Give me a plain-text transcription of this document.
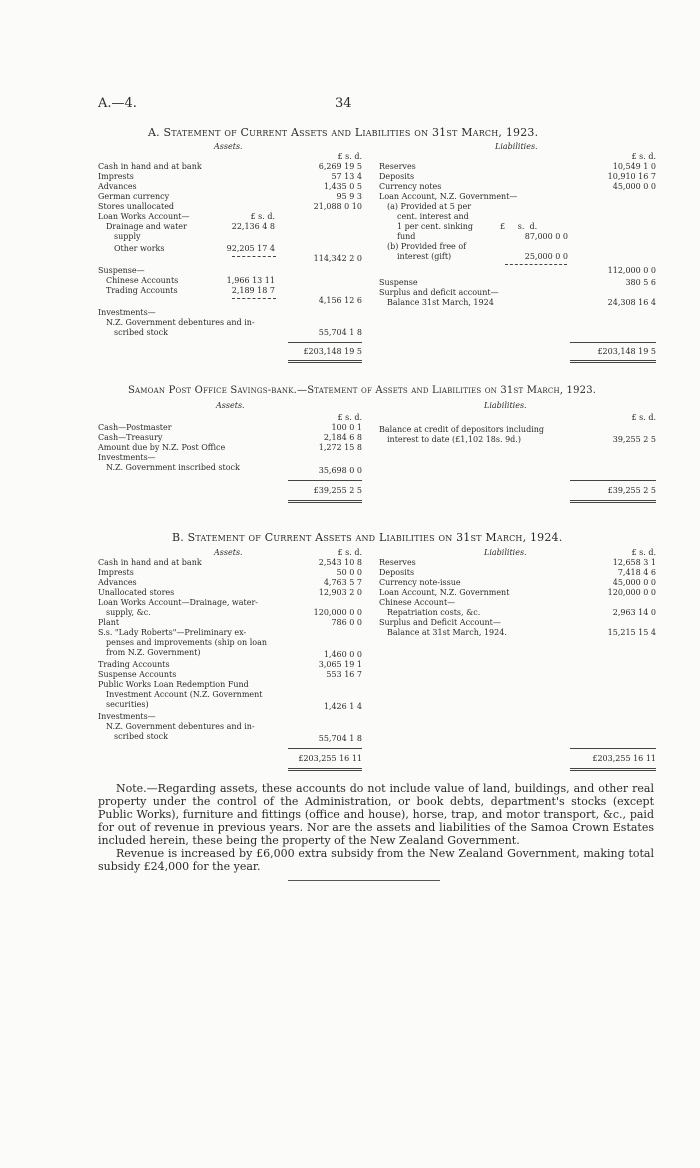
A.—4.	34
A. Statement of Current Assets and Liabilities on 31st March, 1923.
Assets.	Liabilities.
£ s. d.
Cash in hand and at bank	6,269 19 5
Imprests	57 13 4
Advances	1,435 0 5
German currency	95 9 3
Stores unallocated	21,088 0 10
Loan Works Account—	£ s. d.
Drainage and water	22,136 4 8
supply
Other works	92,205 17 4
114,342 2 0
Suspense—
Chinese Accounts	1,966 13 11
Trading Accounts	2,189 18 7
4,156 12 6
Investments—
N.Z. Government debentures and in-
scribed stock	55,704 1 8
£203,148 19 5
£ s. d.
Reserves	10,549 1 0
Deposits	10,910 16 7
Currency notes	45,000 0 0
Loan Account, N.Z. Government—
(a) Provided at 5 per
cent. interest and
1 per cent. sinking	£     s.  d.
fund	87,000 0 0
(b) Provided free of
interest (gift)	25,000 0 0
112,000 0 0
Suspense	380 5 6
Surplus and deficit account—
Balance 31st March, 1924	24,308 16 4
£203,148 19 5
Samoan Post Office Savings-bank.—Statement of Assets and Liabilities on 31st March, 1923.
Assets.	Liabilities.
£ s. d.
Cash—Postmaster	100 0 1
Cash—Treasury	2,184 6 8
Amount due by N.Z. Post Office	1,272 15 8
Investments—
N.Z. Government inscribed stock	35,698 0 0
£39,255 2 5
£ s. d.
Balance at credit of depositors including
interest to date (£1,102 18s. 9d.)	39,255 2 5
£39,255 2 5
B. Statement of Current Assets and Liabilities on 31st March, 1924.
Assets.	Liabilities.
£ s. d.
Cash in hand and at bank	2,543 10 8
Imprests	50 0 0
Advances	4,763 5 7
Unallocated stores	12,903 2 0
Loan Works Account—Drainage, water-
supply, &c.	120,000 0 0
Plant	786 0 0
S.s. "Lady Roberts"—Preliminary ex-
penses and improvements (ship on loan
from N.Z. Government)	1,460 0 0
Trading Accounts	3,065 19 1
Suspense Accounts	553 16 7
Public Works Loan Redemption Fund
Investment Account (N.Z. Government
securities)	1,426 1 4
Investments—
N.Z. Government debentures and in-
scribed stock	55,704 1 8
£203,255 16 11
£ s. d.
Reserves	12,658 3 1
Deposits	7,418 4 6
Currency note-issue	45,000 0 0
Loan Account, N.Z. Government	120,000 0 0
Chinese Account—
Repatriation costs, &c.	2,963 14 0
Surplus and Deficit Account—
Balance at 31st March, 1924.	15,215 15 4
£203,255 16 11

Note.—Regarding assets, these accounts do not include value of land, buildings, and other real property under the control of the Administration, or book debts, department's stocks (except Public Works), furniture and fittings (office and house), horse, trap, and motor transport, &c., paid for out of revenue in previous years. Nor are the assets and liabilities of the Samoa Crown Estates included herein, these being the property of the New Zealand Government.

Revenue is increased by £6,000 extra subsidy from the New Zealand Government, making total subsidy £24,000 for the year.
